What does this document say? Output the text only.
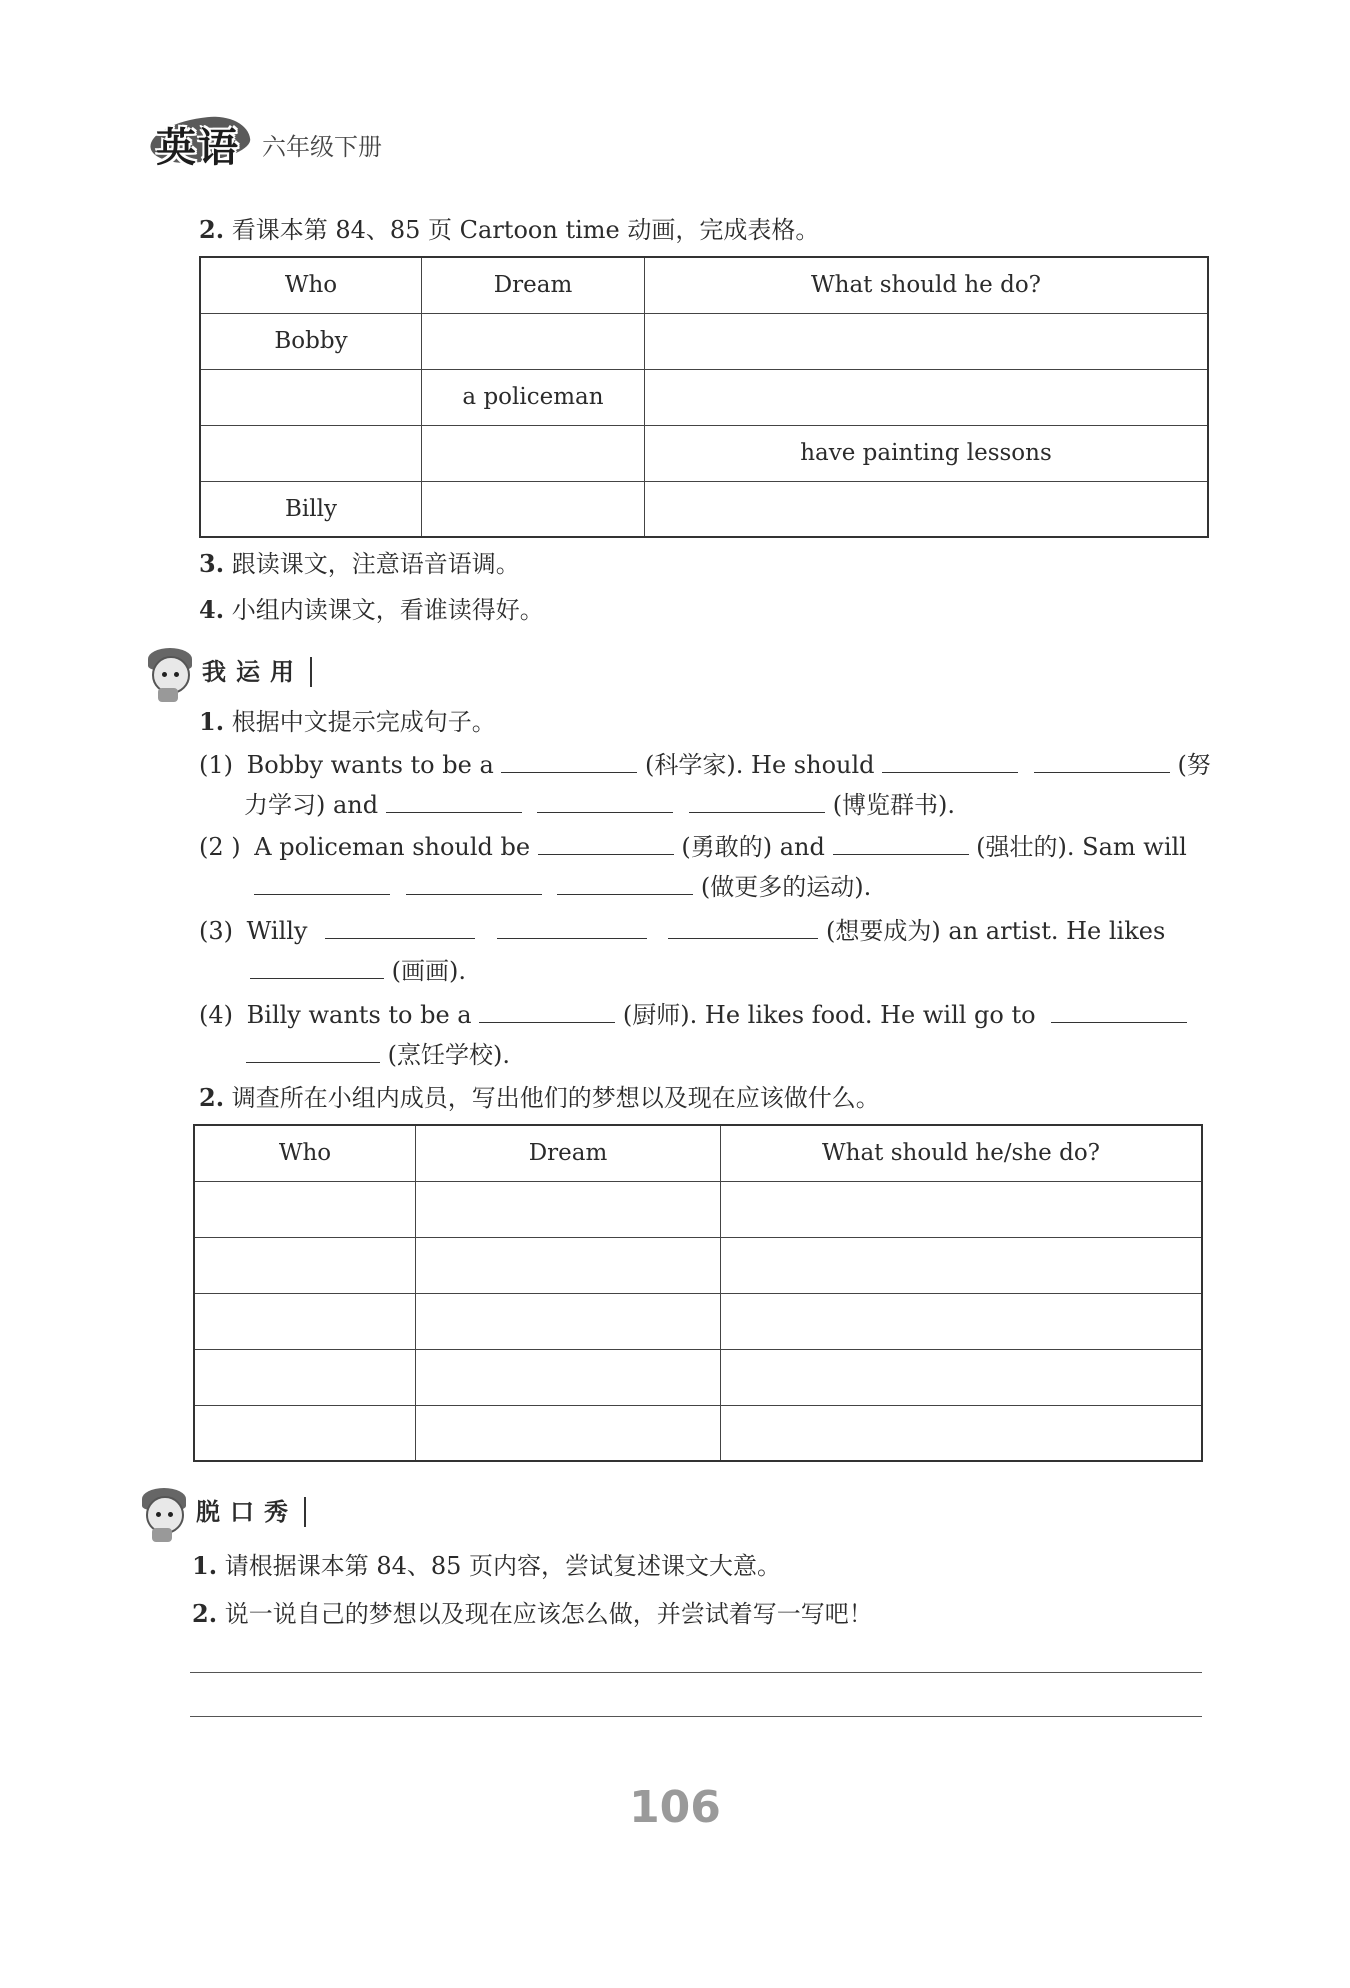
英语 六年级下册
2. 看课本第 84、85 页 Cartoon time 动画，完成表格。
Who	Dream	What should he do?
Bobby		
	a policeman	
		have painting lessons
Billy		
3. 跟读课文，注意语音语调。
4. 小组内读课文，看谁读得好。
我运用
1. 根据中文提示完成句子。
(1) Bobby wants to be a	(科学家). He should	(努
力学习) and	(博览群书).
(2 ) A policeman should be	(勇敢的) and	(强壮的). Sam will
(做更多的运动).
(3) Willy	(想要成为) an artist. He likes
(画画).
(4) Billy wants to be a	(厨师). He likes food. He will go to
(烹饪学校).
2. 调查所在小组内成员，写出他们的梦想以及现在应该做什么。
Who	Dream	What should he/she do?

脱口秀
1. 请根据课本第 84、85 页内容，尝试复述课文大意。
2. 说一说自己的梦想以及现在应该怎么做，并尝试着写一写吧！
106
